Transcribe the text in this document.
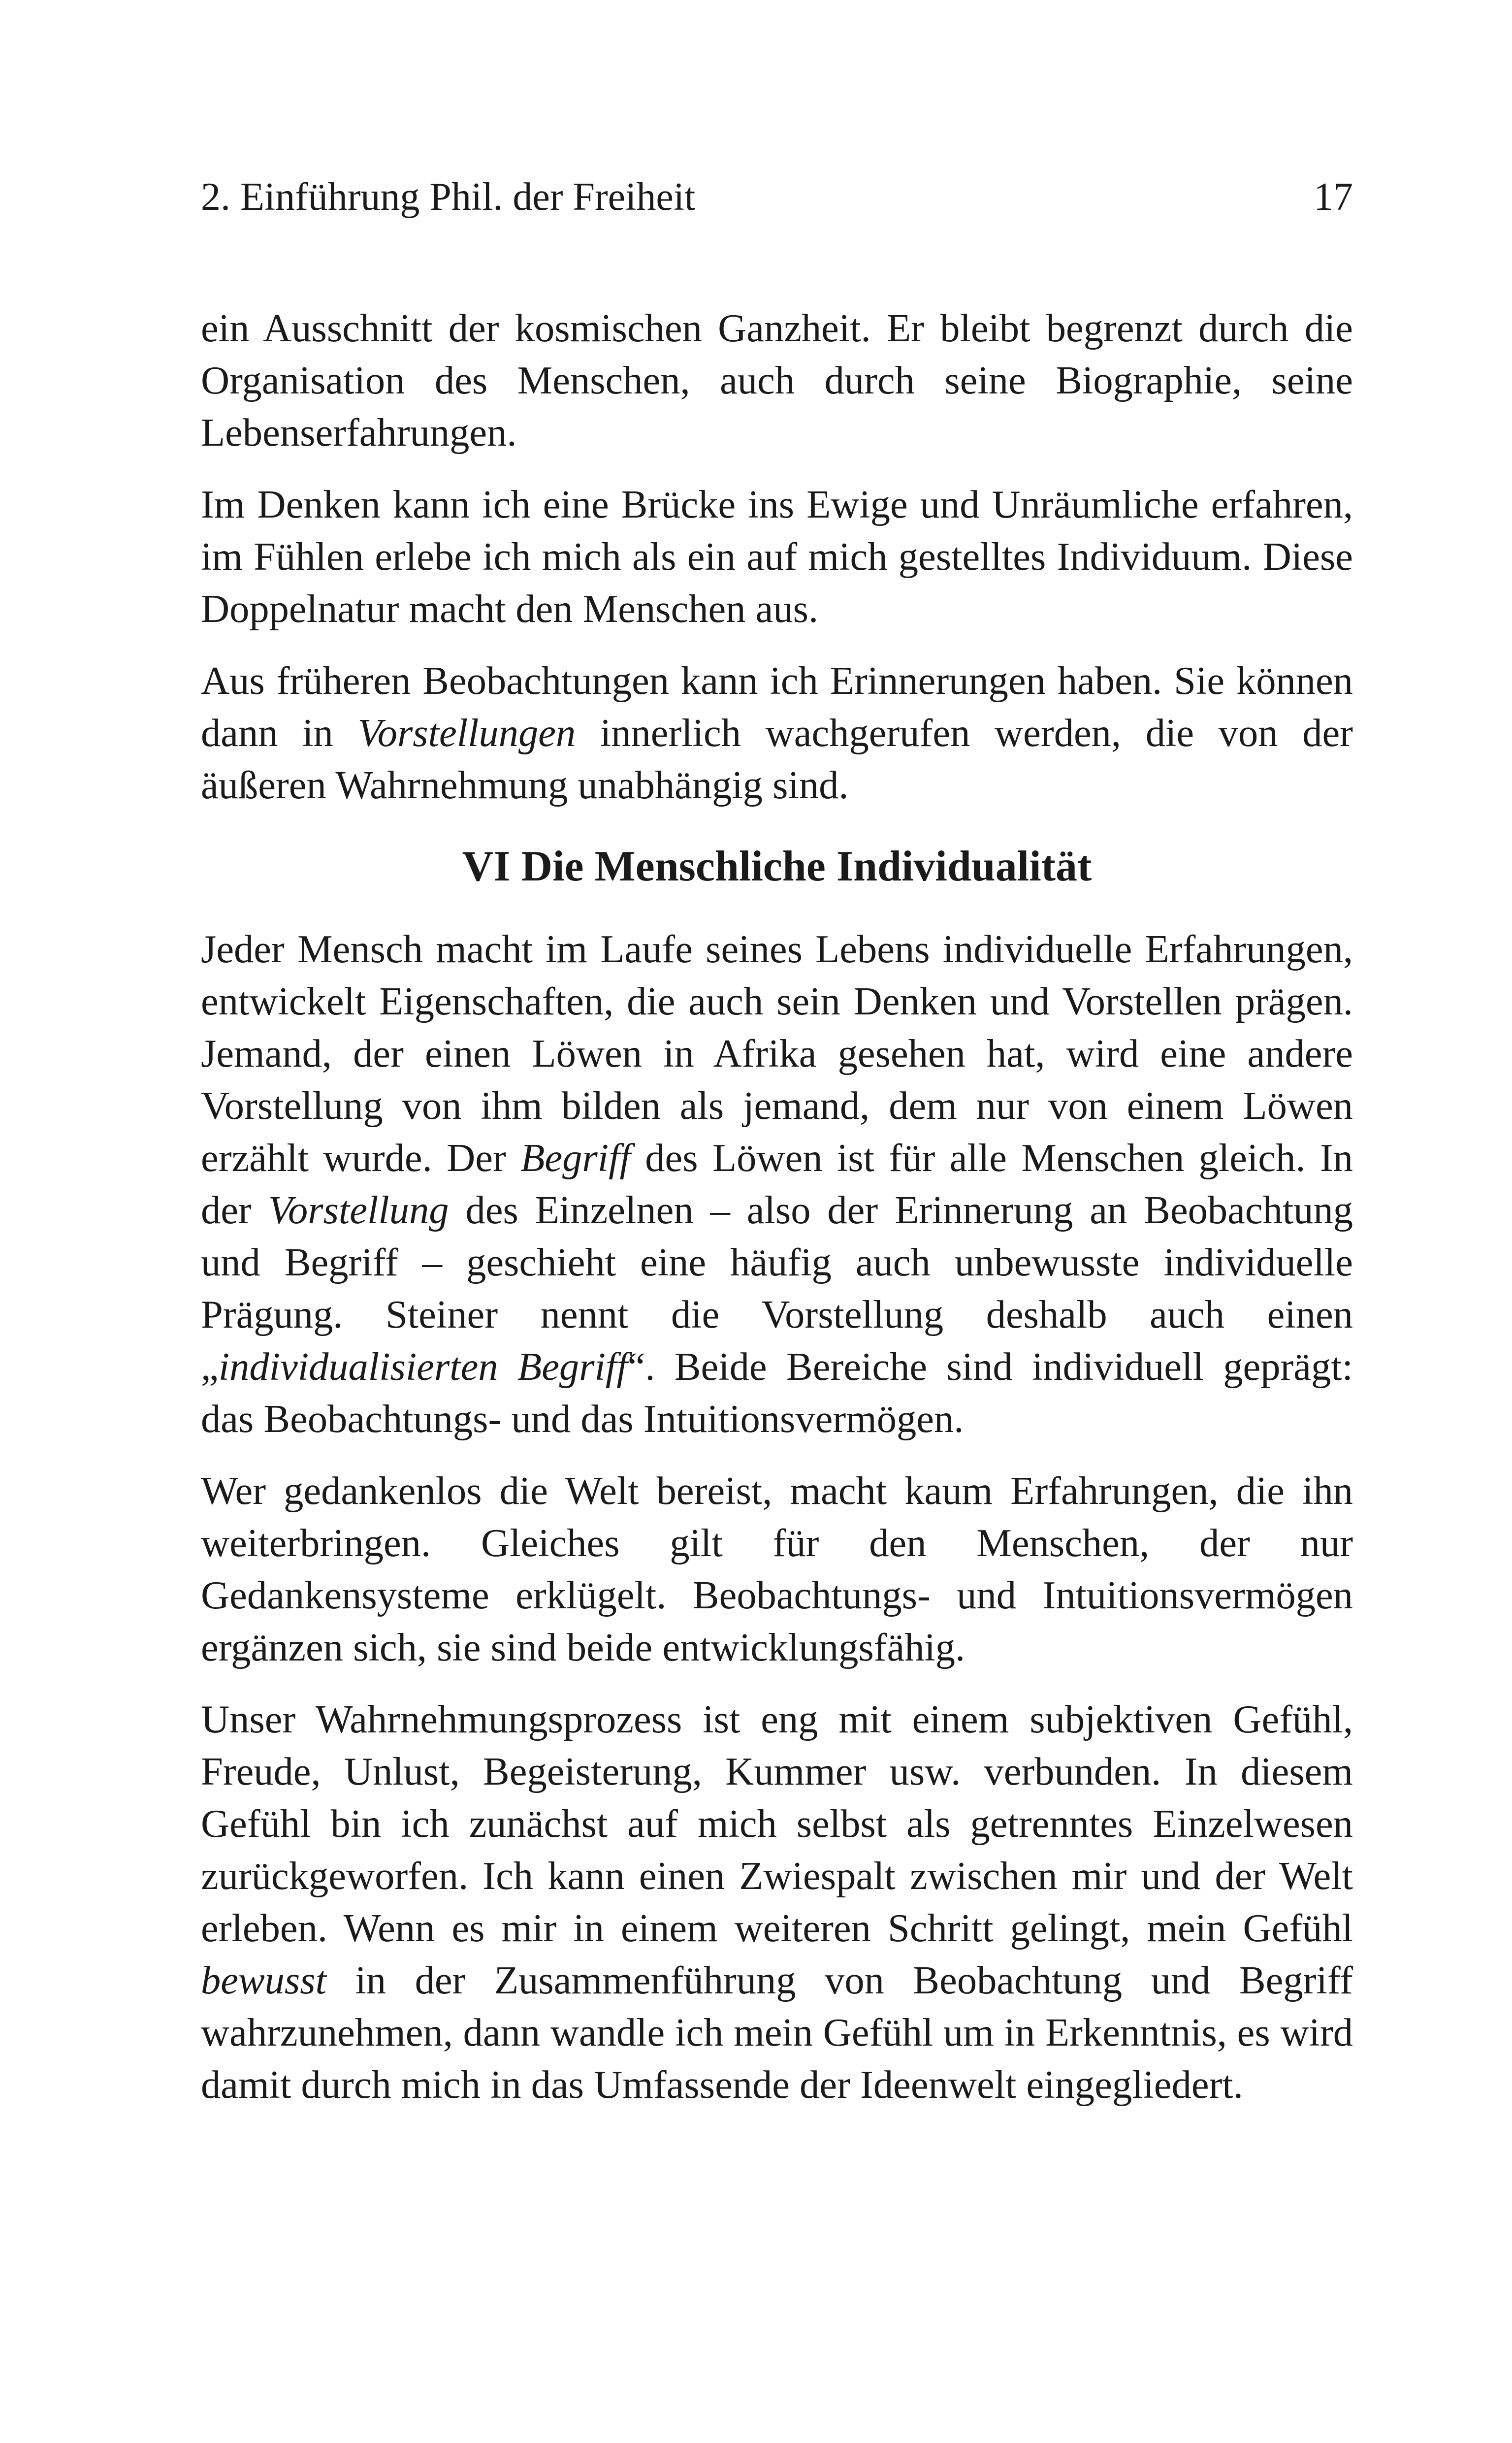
2. Einführung Phil. der Freiheit	17

ein Ausschnitt der kosmischen Ganzheit. Er bleibt begrenzt durch die Organisation des Menschen, auch durch seine Biographie, seine Lebenserfahrungen.

Im Denken kann ich eine Brücke ins Ewige und Unräumliche erfahren, im Fühlen erlebe ich mich als ein auf mich gestelltes Individuum. Diese Doppelnatur macht den Menschen aus.

Aus früheren Beobachtungen kann ich Erinnerungen haben. Sie können dann in Vorstellungen innerlich wachgerufen werden, die von der äußeren Wahrnehmung unabhängig sind.

VI Die Menschliche Individualität

Jeder Mensch macht im Laufe seines Lebens individuelle Erfahrungen, entwickelt Eigenschaften, die auch sein Denken und Vorstellen prägen. Jemand, der einen Löwen in Afrika gesehen hat, wird eine andere Vorstellung von ihm bilden als jemand, dem nur von einem Löwen erzählt wurde. Der Begriff des Löwen ist für alle Menschen gleich. In der Vorstellung des Einzelnen – also der Erinnerung an Beobachtung und Begriff – geschieht eine häufig auch unbewusste individuelle Prägung. Steiner nennt die Vorstellung deshalb auch einen „individualisierten Begriff“. Beide Bereiche sind individuell geprägt: das Beobachtungs- und das Intuitionsvermögen.

Wer gedankenlos die Welt bereist, macht kaum Erfahrungen, die ihn weiterbringen. Gleiches gilt für den Menschen, der nur Gedankensysteme erklügelt. Beobachtungs- und Intuitionsvermögen ergänzen sich, sie sind beide entwicklungsfähig.

Unser Wahrnehmungsprozess ist eng mit einem subjektiven Gefühl, Freude, Unlust, Begeisterung, Kummer usw. verbunden. In diesem Gefühl bin ich zunächst auf mich selbst als getrenntes Einzelwesen zurückgeworfen. Ich kann einen Zwiespalt zwischen mir und der Welt erleben. Wenn es mir in einem weiteren Schritt gelingt, mein Gefühl bewusst in der Zusammenführung von Beobachtung und Begriff wahrzunehmen, dann wandle ich mein Gefühl um in Erkenntnis, es wird damit durch mich in das Umfassende der Ideenwelt eingegliedert.
